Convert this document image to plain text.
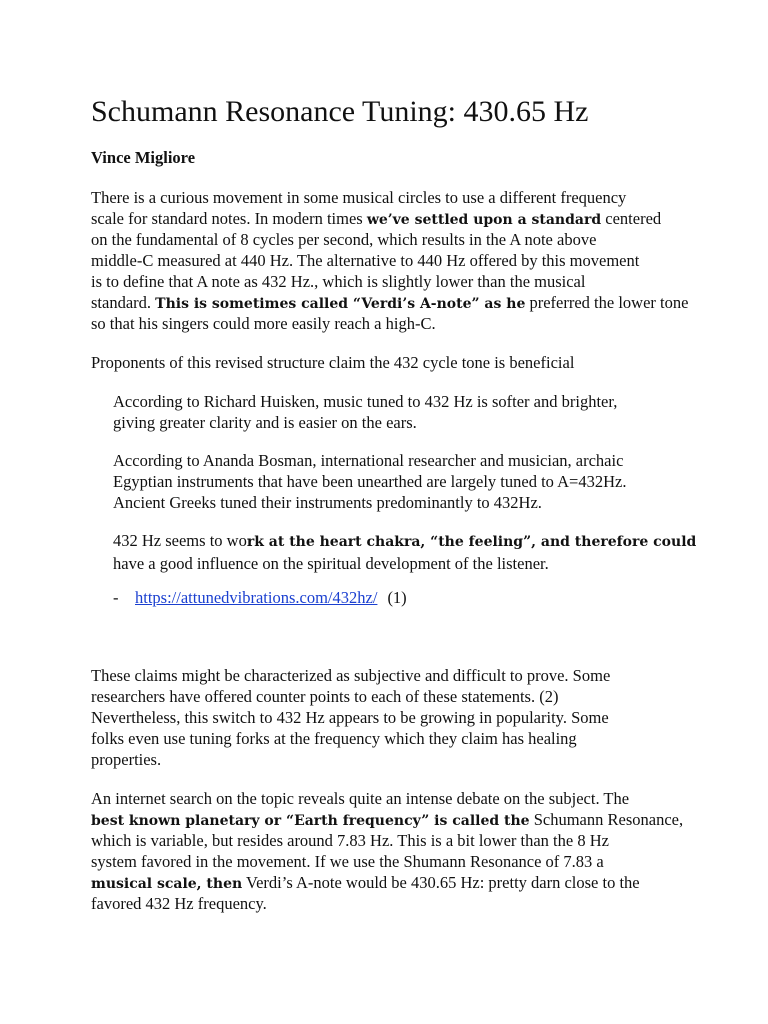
Schumann Resonance Tuning: 430.65 Hz

Vince Migliore

There is a curious movement in some musical circles to use a different frequency

scale for standard notes. In modern times we’ve settled upon a standard centered

on the fundamental of 8 cycles per second, which results in the A note above

middle-C measured at 440 Hz. The alternative to 440 Hz offered by this movement

is to define that A note as 432 Hz., which is slightly lower than the musical

standard. This is sometimes called “Verdi’s A-note” as he preferred the lower tone

so that his singers could more easily reach a high-C.

Proponents of this revised structure claim the 432 cycle tone is beneficial

According to Richard Huisken, music tuned to 432 Hz is softer and brighter,

giving greater clarity and is easier on the ears.

According to Ananda Bosman, international researcher and musician, archaic

Egyptian instruments that have been unearthed are largely tuned to A=432Hz.

Ancient Greeks tuned their instruments predominantly to 432Hz.

432 Hz seems to work at the heart chakra, “the feeling”, and therefore could

have a good influence on the spiritual development of the listener.

- https://attunedvibrations.com/432hz/ (1)

These claims might be characterized as subjective and difficult to prove. Some

researchers have offered counter points to each of these statements. (2)

Nevertheless, this switch to 432 Hz appears to be growing in popularity. Some

folks even use tuning forks at the frequency which they claim has healing

properties.

An internet search on the topic reveals quite an intense debate on the subject. The

best known planetary or “Earth frequency” is called the Schumann Resonance,

which is variable, but resides around 7.83 Hz. This is a bit lower than the 8 Hz

system favored in the movement. If we use the Shumann Resonance of 7.83 a

musical scale, then Verdi’s A-note would be 430.65 Hz: pretty darn close to the

favored 432 Hz frequency.
